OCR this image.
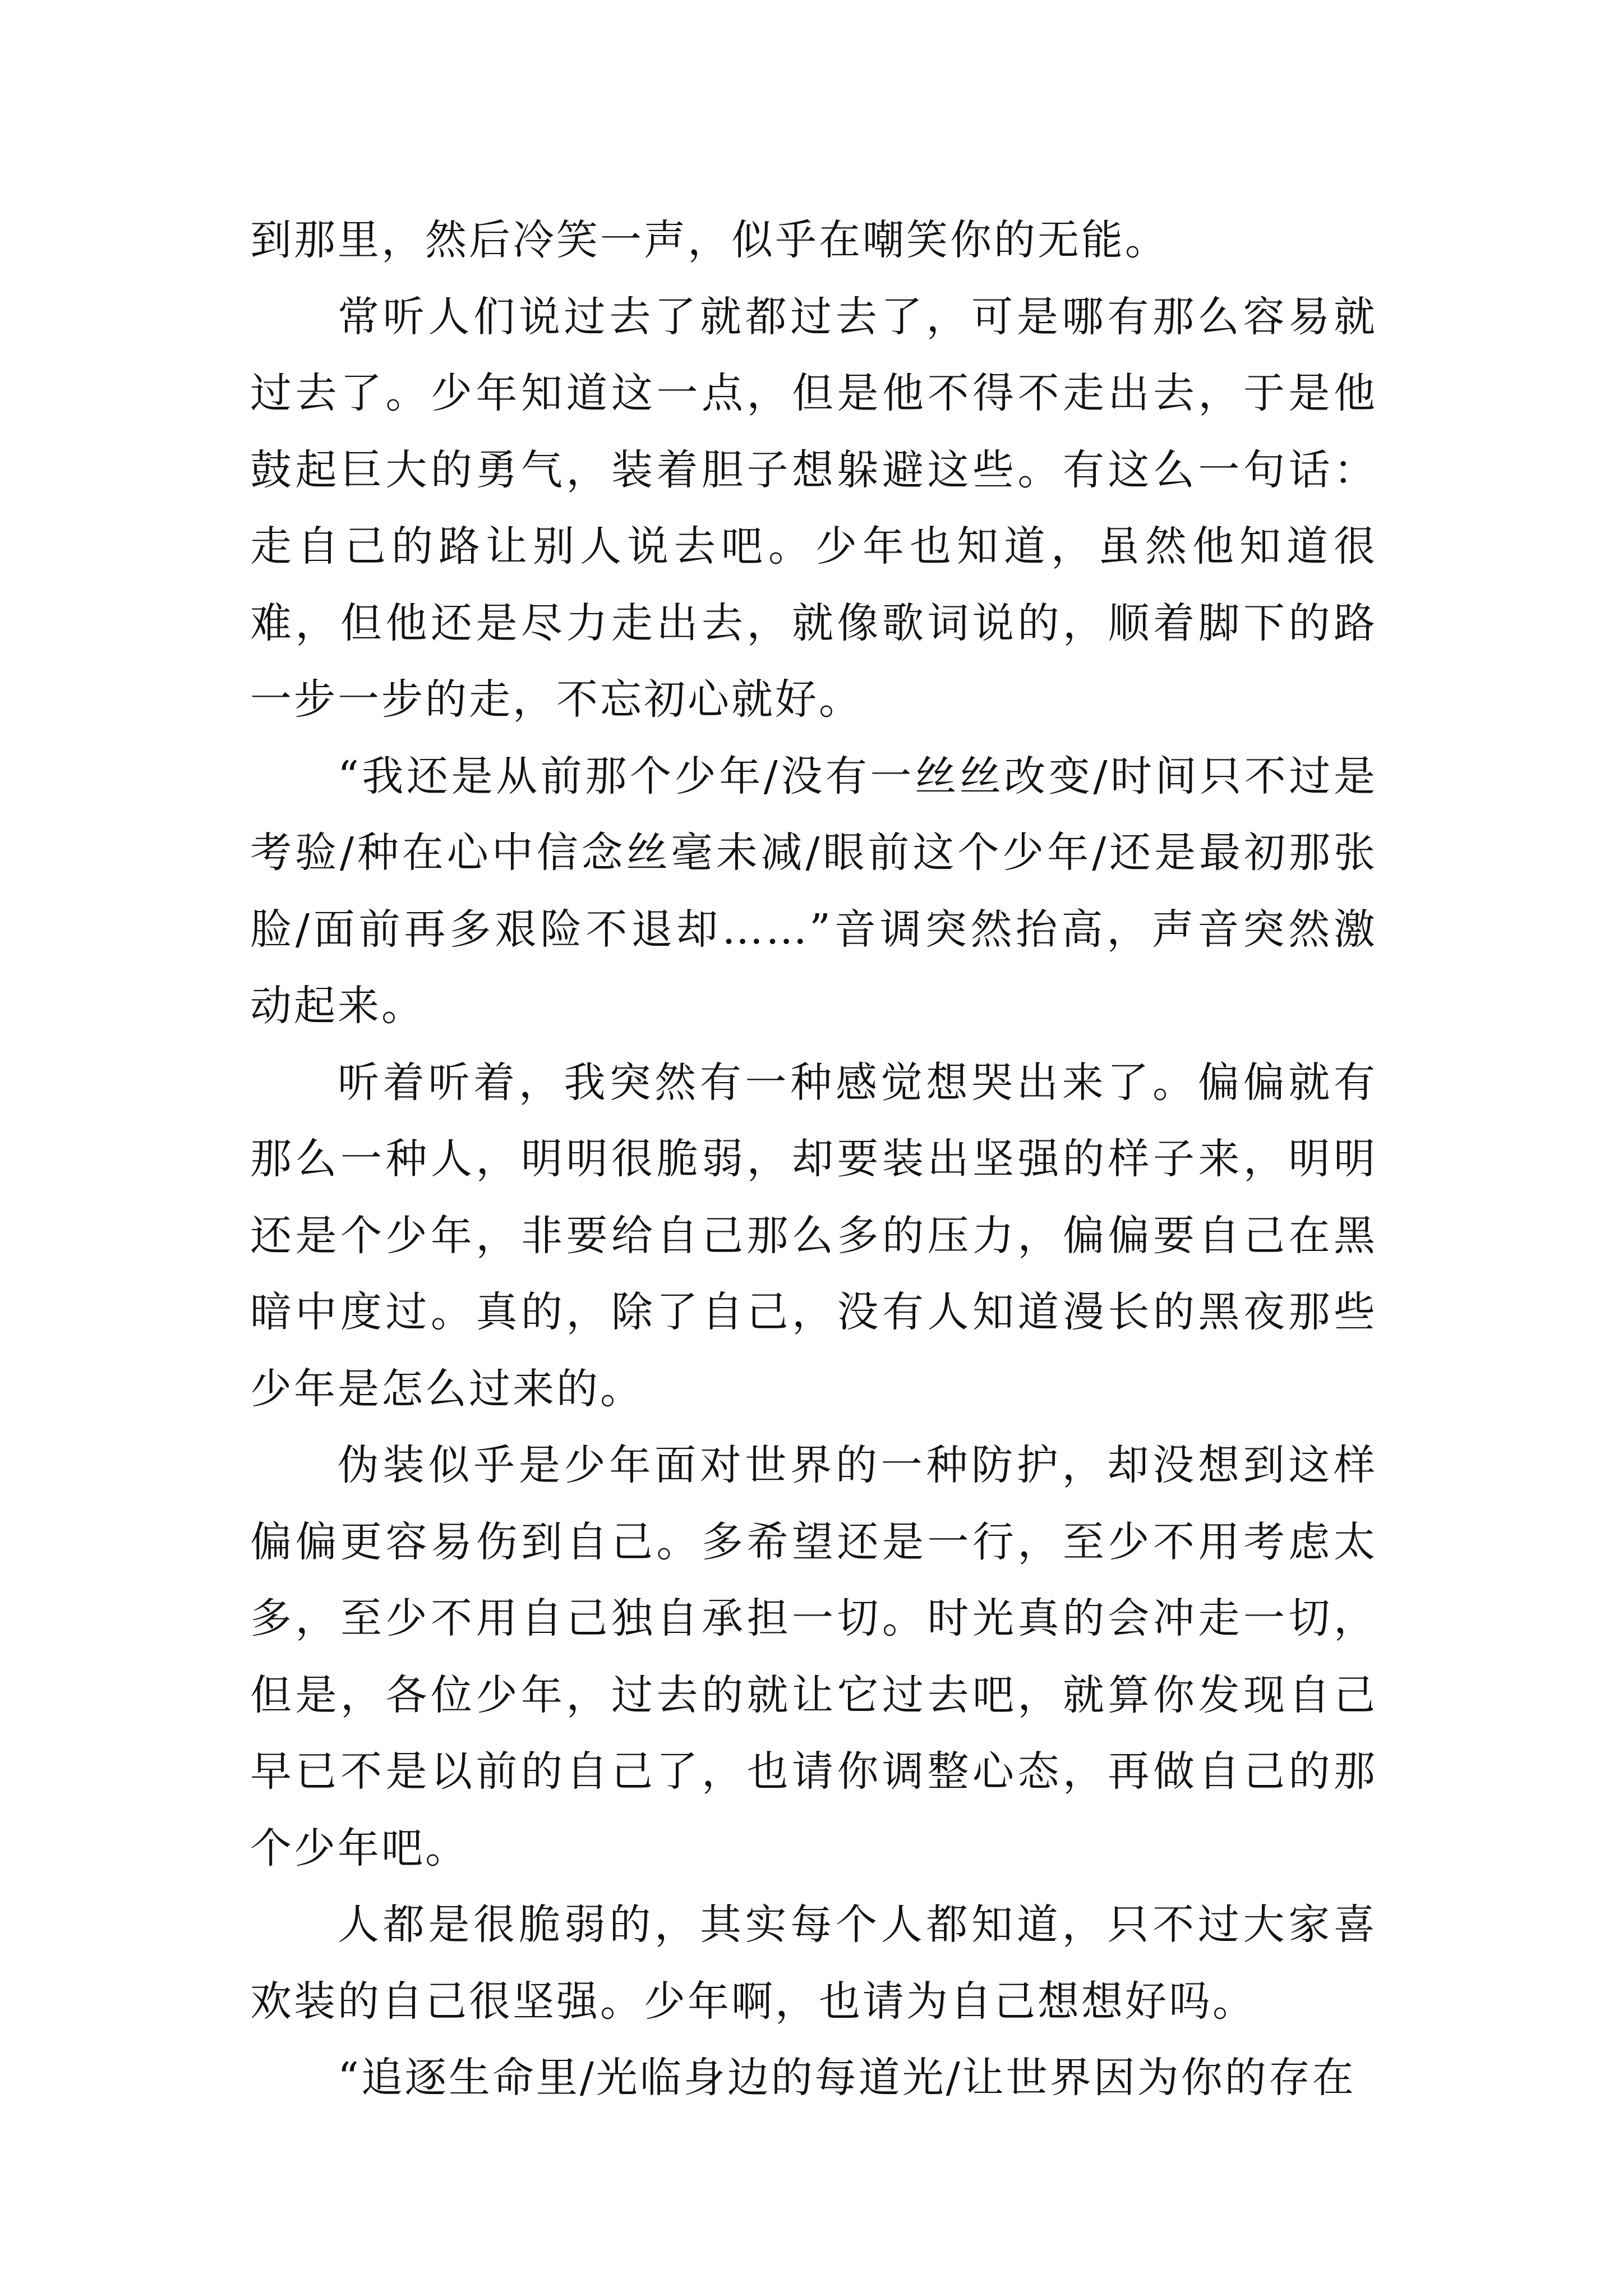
到那里，然后冷笑一声，似乎在嘲笑你的无能。

常听人们说过去了就都过去了，可是哪有那么容易就过去了。少年知道这一点，但是他不得不走出去，于是他鼓起巨大的勇气，装着胆子想躲避这些。有这么一句话：走自己的路让别人说去吧。少年也知道，虽然他知道很难，但他还是尽力走出去，就像歌词说的，顺着脚下的路一步一步的走，不忘初心就好。

“我还是从前那个少年/没有一丝丝改变/时间只不过是考验/种在心中信念丝毫未减/眼前这个少年/还是最初那张脸/面前再多艰险不退却……”音调突然抬高，声音突然激动起来。

听着听着，我突然有一种感觉想哭出来了。偏偏就有那么一种人，明明很脆弱，却要装出坚强的样子来，明明还是个少年，非要给自己那么多的压力，偏偏要自己在黑暗中度过。真的，除了自己，没有人知道漫长的黑夜那些少年是怎么过来的。

伪装似乎是少年面对世界的一种防护，却没想到这样偏偏更容易伤到自己。多希望还是一行，至少不用考虑太多，至少不用自己独自承担一切。时光真的会冲走一切，但是，各位少年，过去的就让它过去吧，就算你发现自己早已不是以前的自己了，也请你调整心态，再做自己的那个少年吧。

人都是很脆弱的，其实每个人都知道，只不过大家喜欢装的自己很坚强。少年啊，也请为自己想想好吗。

“追逐生命里/光临身边的每道光/让世界因为你的存在
